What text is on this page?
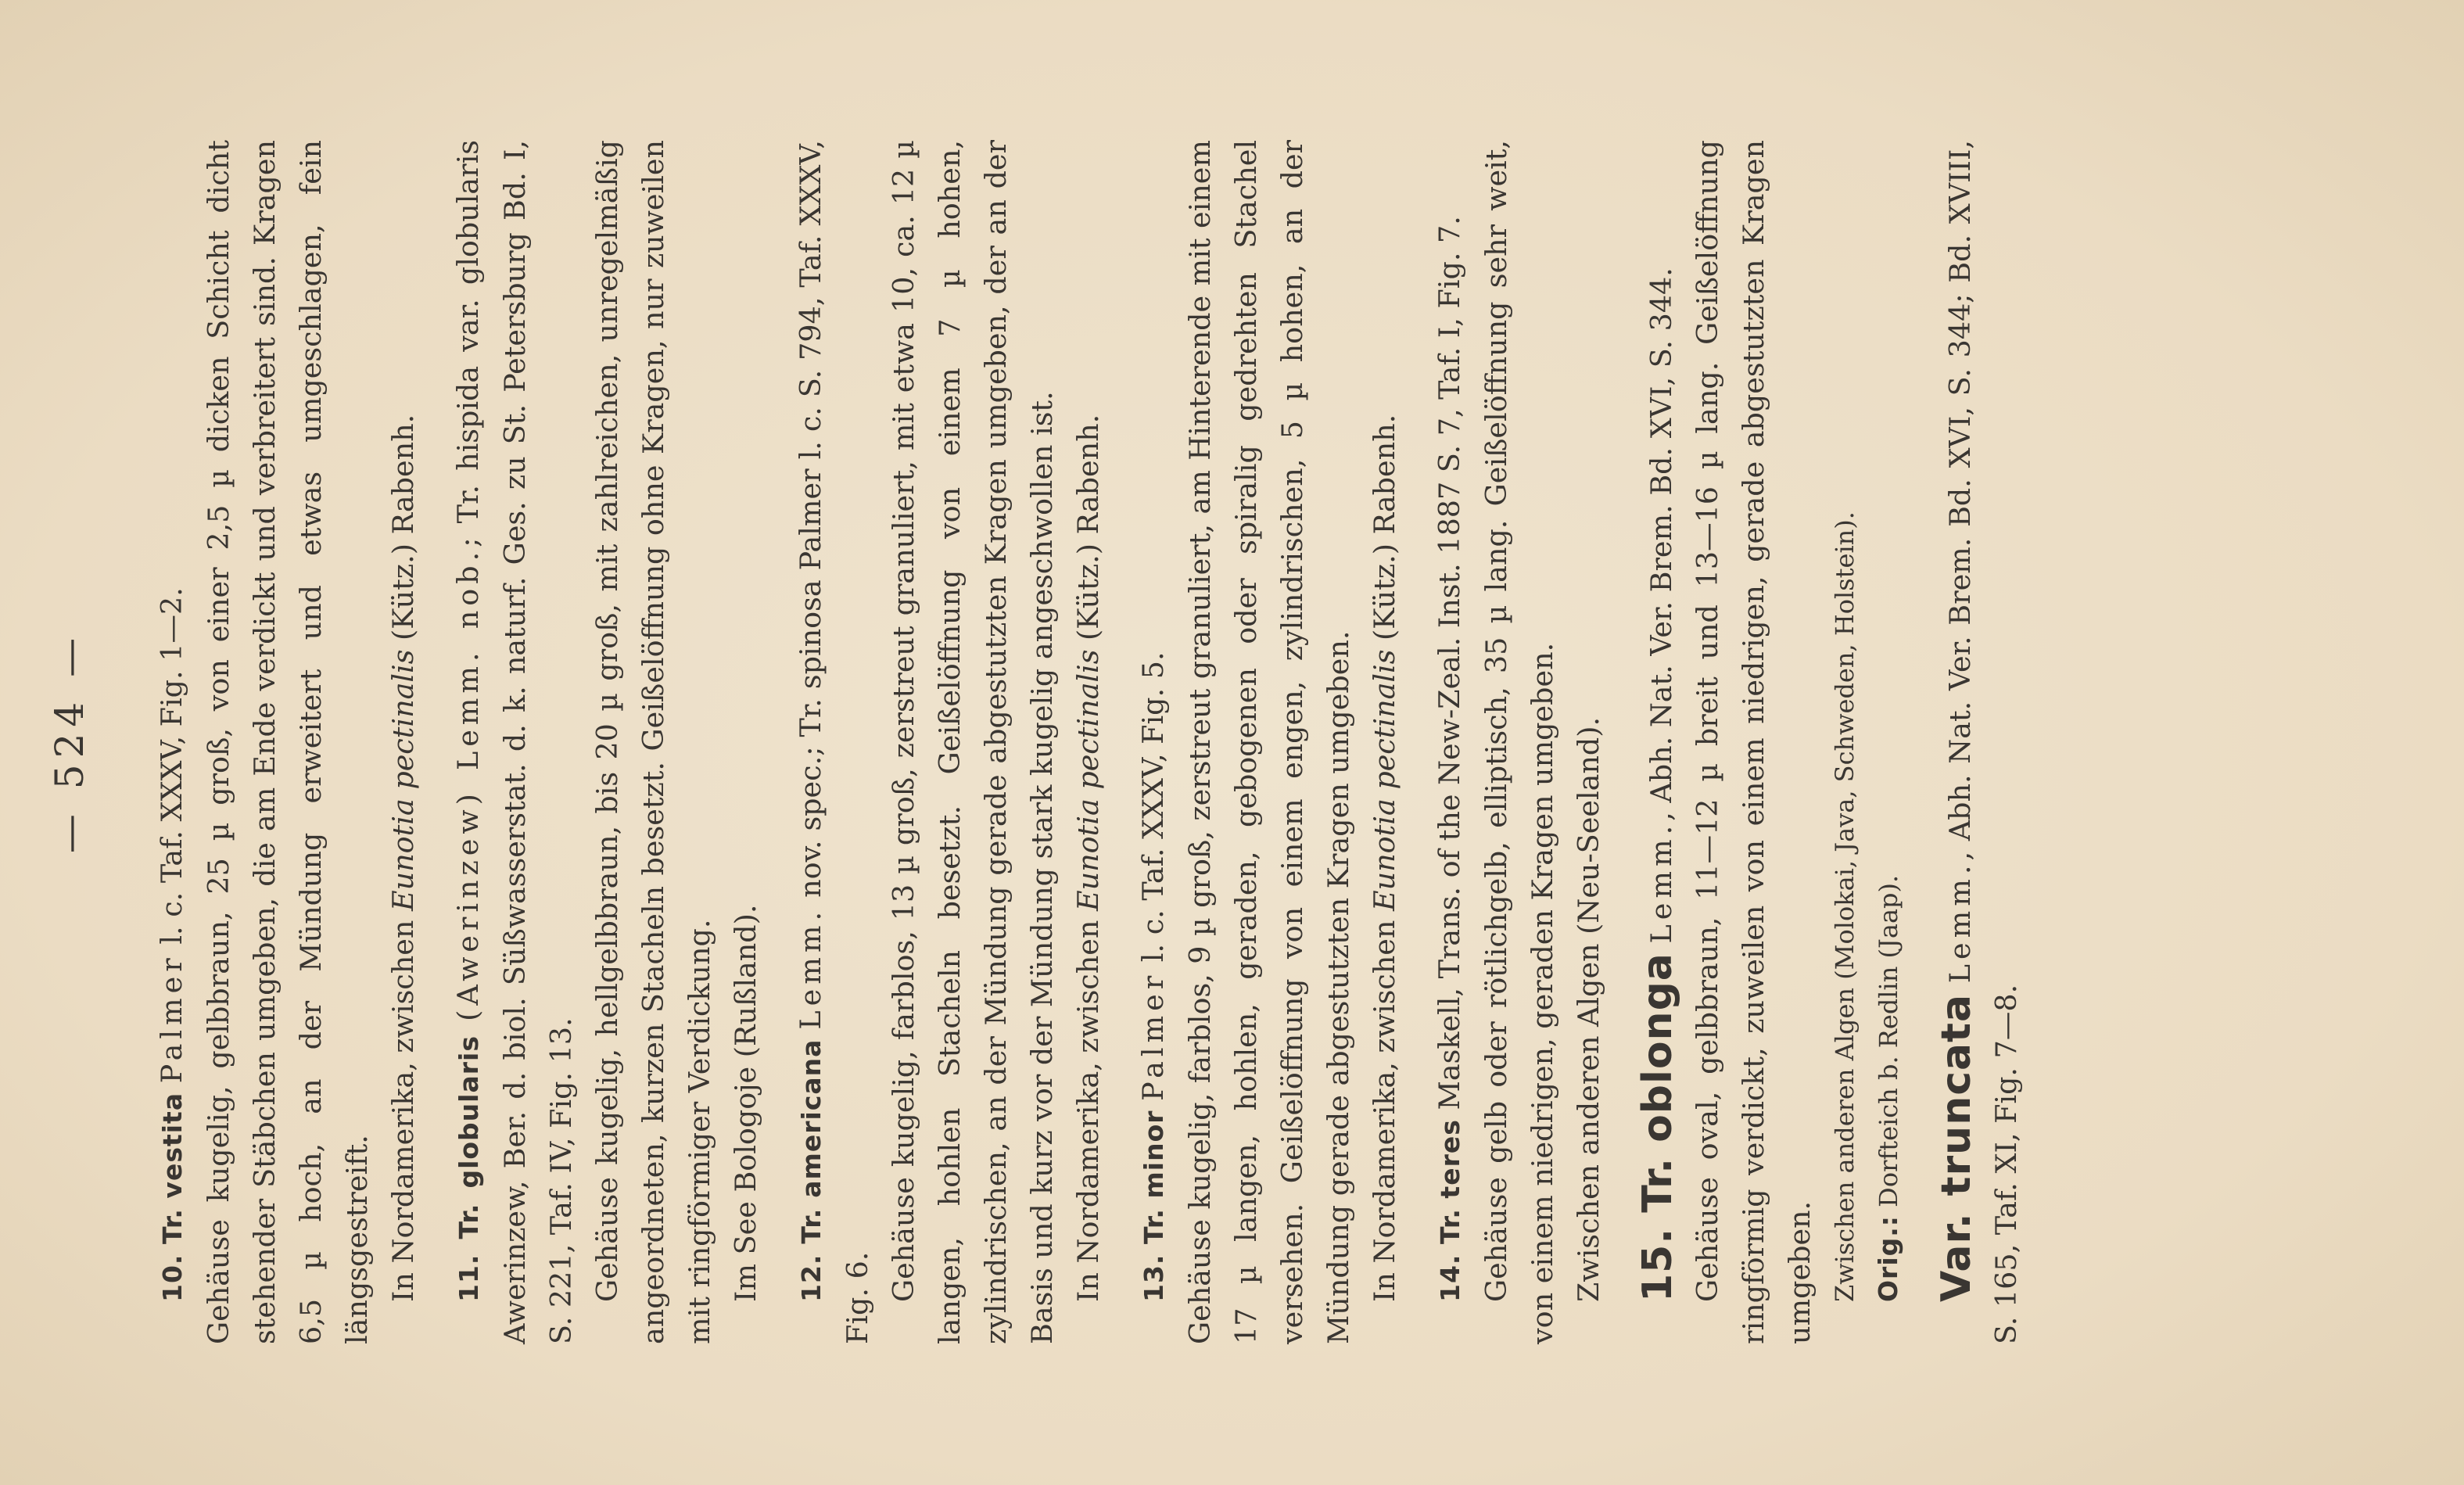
— 524 —

10. Tr. vestita Palmer l. c. Taf. XXXV, Fig. 1—2. Gehäuse kugelig, gelbbraun, 25 µ groß, von einer 2,5 µ dicken Schicht dicht stehender Stäbchen umgeben, die am Ende verdickt und verbreitert sind. Kragen 6,5 µ hoch, an der Mündung erweitert und etwas umgeschlagen, fein längsgestreift. In Nordamerika, zwischen Eunotia pectinalis (Kütz.) Rabenh.

11. Tr. globularis (Awerinzew) Lemm. nob.; Tr. hispida var. globularis Awerinzew, Ber. d. biol. Süßwasserstat. d. k. naturf. Ges. zu St. Petersburg Bd. I, S. 221, Taf. IV, Fig. 13. Gehäuse kugelig, hellgelbbraun, bis 20 µ groß, mit zahlreichen, unregelmäßig angeordneten, kurzen Stacheln besetzt. Geißelöffnung ohne Kragen, nur zuweilen mit ringförmiger Verdickung. Im See Bologoje (Rußland).	12. Tr. americana Lemm. nov. spec.; Tr. spinosa Palmer l. c. S. 794, Taf. XXXV, Fig. 6. Gehäuse kugelig, farblos, 13 µ groß, zerstreut granuliert, mit etwa 10, ca. 12 µ langen, hohlen Stacheln besetzt. Geißelöffnung von einem 7 µ hohen, zylindrischen, an der Mündung gerade abgestutzten Kragen umgeben, der an der Basis und kurz vor der Mündung stark kugelig angeschwollen ist. In Nordamerika, zwischen Eunotia pectinalis (Kütz.) Rabenh.

13. Tr. minor Palmer l. c. Taf. XXXV, Fig. 5. Gehäuse kugelig, farblos, 9 µ groß, zerstreut granuliert, am Hinterende mit einem 17 µ langen, hohlen, geraden, gebogenen oder spiralig gedrehten Stachel versehen. Geißelöffnung von einem engen, zylindrischen, 5 µ hohen, an der Mündung gerade abgestutzten Kragen umgeben. In Nordamerika, zwischen Eunotia pectinalis (Kütz.) Rabenh.

14. Tr. teres Maskell, Trans. of the New-Zeal. Inst. 1887 S. 7, Taf. I, Fig. 7. Gehäuse gelb oder rötlichgelb, elliptisch, 35 µ lang. Geißelöffnung sehr weit, von einem niedrigen, geraden Kragen umgeben. Zwischen anderen Algen (Neu-Seeland). 15. Tr. oblonga Lemm., Abh. Nat. Ver. Brem. Bd. XVI, S. 344. Gehäuse oval, gelbbraun, 11—12 µ breit und 13—16 µ lang. Geißelöffnung ringförmig verdickt, zuweilen von einem niedrigen, gerade abgestutzten Kragen umgeben. Zwischen anderen Algen (Molokai, Java, Schweden, Holstein). Orig.: Dorfteich b. Redlin (Jaap). Var. truncata Lemm., Abh. Nat. Ver. Brem. Bd. XVI, S. 344; Bd. XVIII, S. 165, Taf. XI, Fig. 7—8.
